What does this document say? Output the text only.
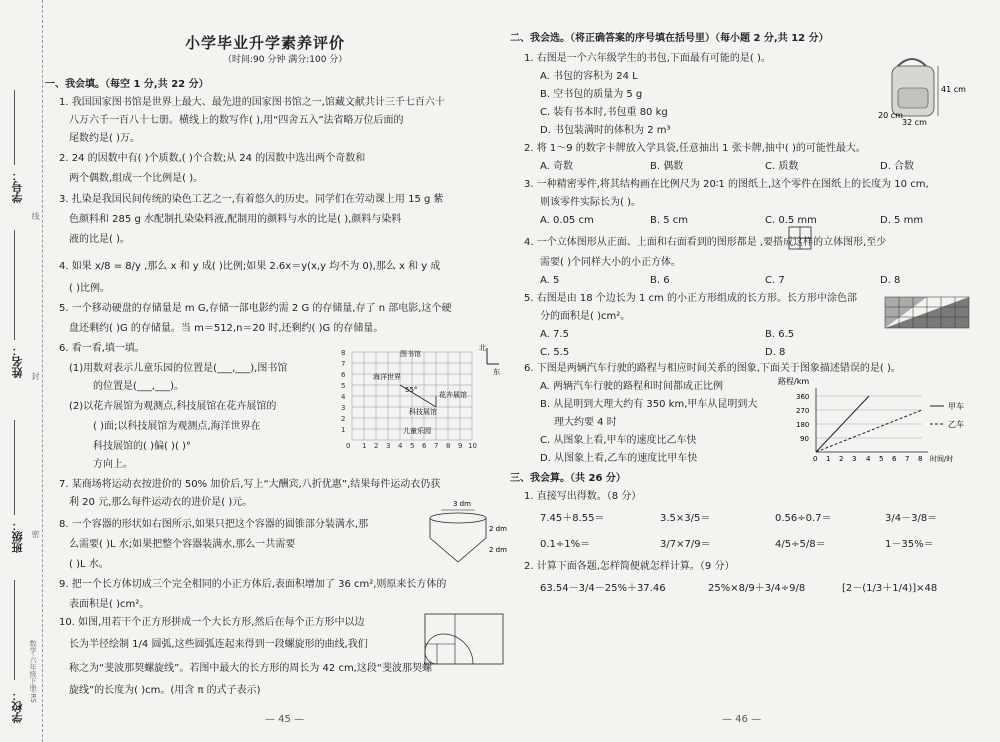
学号：
姓名：
班级：
学校：
线
封
密
数学·六年级下册·RS
小学毕业升学素养评价
（时间:90 分钟 满分:100 分）
一、我会填。（每空 1 分,共 22 分）
1. 我国国家图书馆是世界上最大、最先进的国家图书馆之一,馆藏文献共计三千七百六十
八万六千一百八十七册。横线上的数写作( ),用“四舍五入”法省略万位后面的
尾数约是( )万。
2. 24 的因数中有( )个质数,( )个合数;从 24 的因数中选出两个奇数和
两个偶数,组成一个比例是( )。
3. 扎染是我国民间传统的染色工艺之一,有着悠久的历史。同学们在劳动课上用 15 g 紫
色颜料和 285 g 水配制扎染染料液,配制用的颜料与水的比是( ),颜料与染料
液的比是( )。
4. 如果 x/8 = 8/y ,那么 x 和 y 成( )比例;如果 2.6x＝y(x,y 均不为 0),那么 x 和 y 成
( )比例。
5. 一个移动硬盘的存储量是 m G,存储一部电影约需 2 G 的存储量,存了 n 部电影,这个硬
盘还剩约( )G 的存储量。当 m＝512,n＝20 时,还剩约( )G 的存储量。
6. 看一看,填一填。
(1)用数对表示儿童乐园的位置是(___,___),图书馆
的位置是(___,___)。
(2)以花卉展馆为观测点,科技展馆在花卉展馆的
( )面;以科技展馆为观测点,海洋世界在
科技展馆的( )偏( )( )°
方向上。
8
7
6
5
4
3
2
1
0 1 2 3 4 5 6 7 8 9 10
图书馆
海洋世界
花卉展馆
科技展馆
儿童乐园
55°
北
东
7. 某商场将运动衣按进价的 50% 加价后,写上“大酬宾,八折优惠”,结果每件运动衣仍获
利 20 元,那么每件运动衣的进价是( )元。
8. 一个容器的形状如右图所示,如果只把这个容器的圆锥部分装满水,那
么需要( )L 水;如果把整个容器装满水,那么一共需要
( )L 水。
3 dm
2 dm
2 dm
9. 把一个长方体切成三个完全相同的小正方体后,表面积增加了 36 cm²,则原来长方体的
表面积是( )cm²。
10. 如图,用若干个正方形拼成一个大长方形,然后在每个正方形中以边
长为半径绘制 1/4 圆弧,这些圆弧连起来得到一段螺旋形的曲线,我们
称之为“斐波那契螺旋线”。若图中最大的长方形的周长为 42 cm,这段“斐波那契螺
旋线”的长度为( )cm。(用含 π 的式子表示)
— 45 —
二、我会选。（将正确答案的序号填在括号里）（每小题 2 分,共 12 分）
1. 右图是一个六年级学生的书包,下面最有可能的是( )。
A. 书包的容积为 24 L
B. 空书包的质量为 5 g
C. 装有书本时,书包重 80 kg
D. 书包装满时的体积为 2 m³
41 cm
20 cm
32 cm
2. 将 1～9 的数字卡牌放入学具袋,任意抽出 1 张卡牌,抽中( )的可能性最大。
A. 奇数	B. 偶数	C. 质数	D. 合数
3. 一种精密零件,将其结构画在比例尺为 20∶1 的图纸上,这个零件在图纸上的长度为 10 cm,
则该零件实际长为( )。
A. 0.05 cm	B. 5 cm	C. 0.5 mm	D. 5 mm
4. 一个立体图形从正面、上面和右面看到的图形都是 ,要搭成这样的立体图形,至少
需要( )个同样大小的小正方体。
A. 5	B. 6	C. 7	D. 8
5. 右图是由 18 个边长为 1 cm 的小正方形组成的长方形。长方形中涂色部
分的面积是( )cm²。
A. 7.5	B. 6.5
C. 5.5	D. 8
6. 下图是两辆汽车行驶的路程与相应时间关系的图象,下面关于图象描述错误的是( )。
A. 两辆汽车行驶的路程和时间都成正比例
B. 从昆明到大理大约有 350 km,甲车从昆明到大
理大约要 4 时
C. 从图象上看,甲车的速度比乙车快
D. 从图象上看,乙车的速度比甲车快
路程/km
360
270
180
90
0 1 2 3 4 5 6 7 8 时间/时
甲车
乙车
三、我会算。（共 26 分）
1. 直接写出得数。（8 分）
7.45＋8.55＝	3.5×3/5＝	0.56÷0.7＝	3/4－3/8＝
0.1÷1%＝	3/7×7/9＝	4/5÷5/8＝	1－35%＝
2. 计算下面各题,怎样简便就怎样计算。（9 分）
63.54－3/4－25%＋37.46	25%×8/9＋3/4÷9/8	[2－(1/3＋1/4)]×48
— 46 —
